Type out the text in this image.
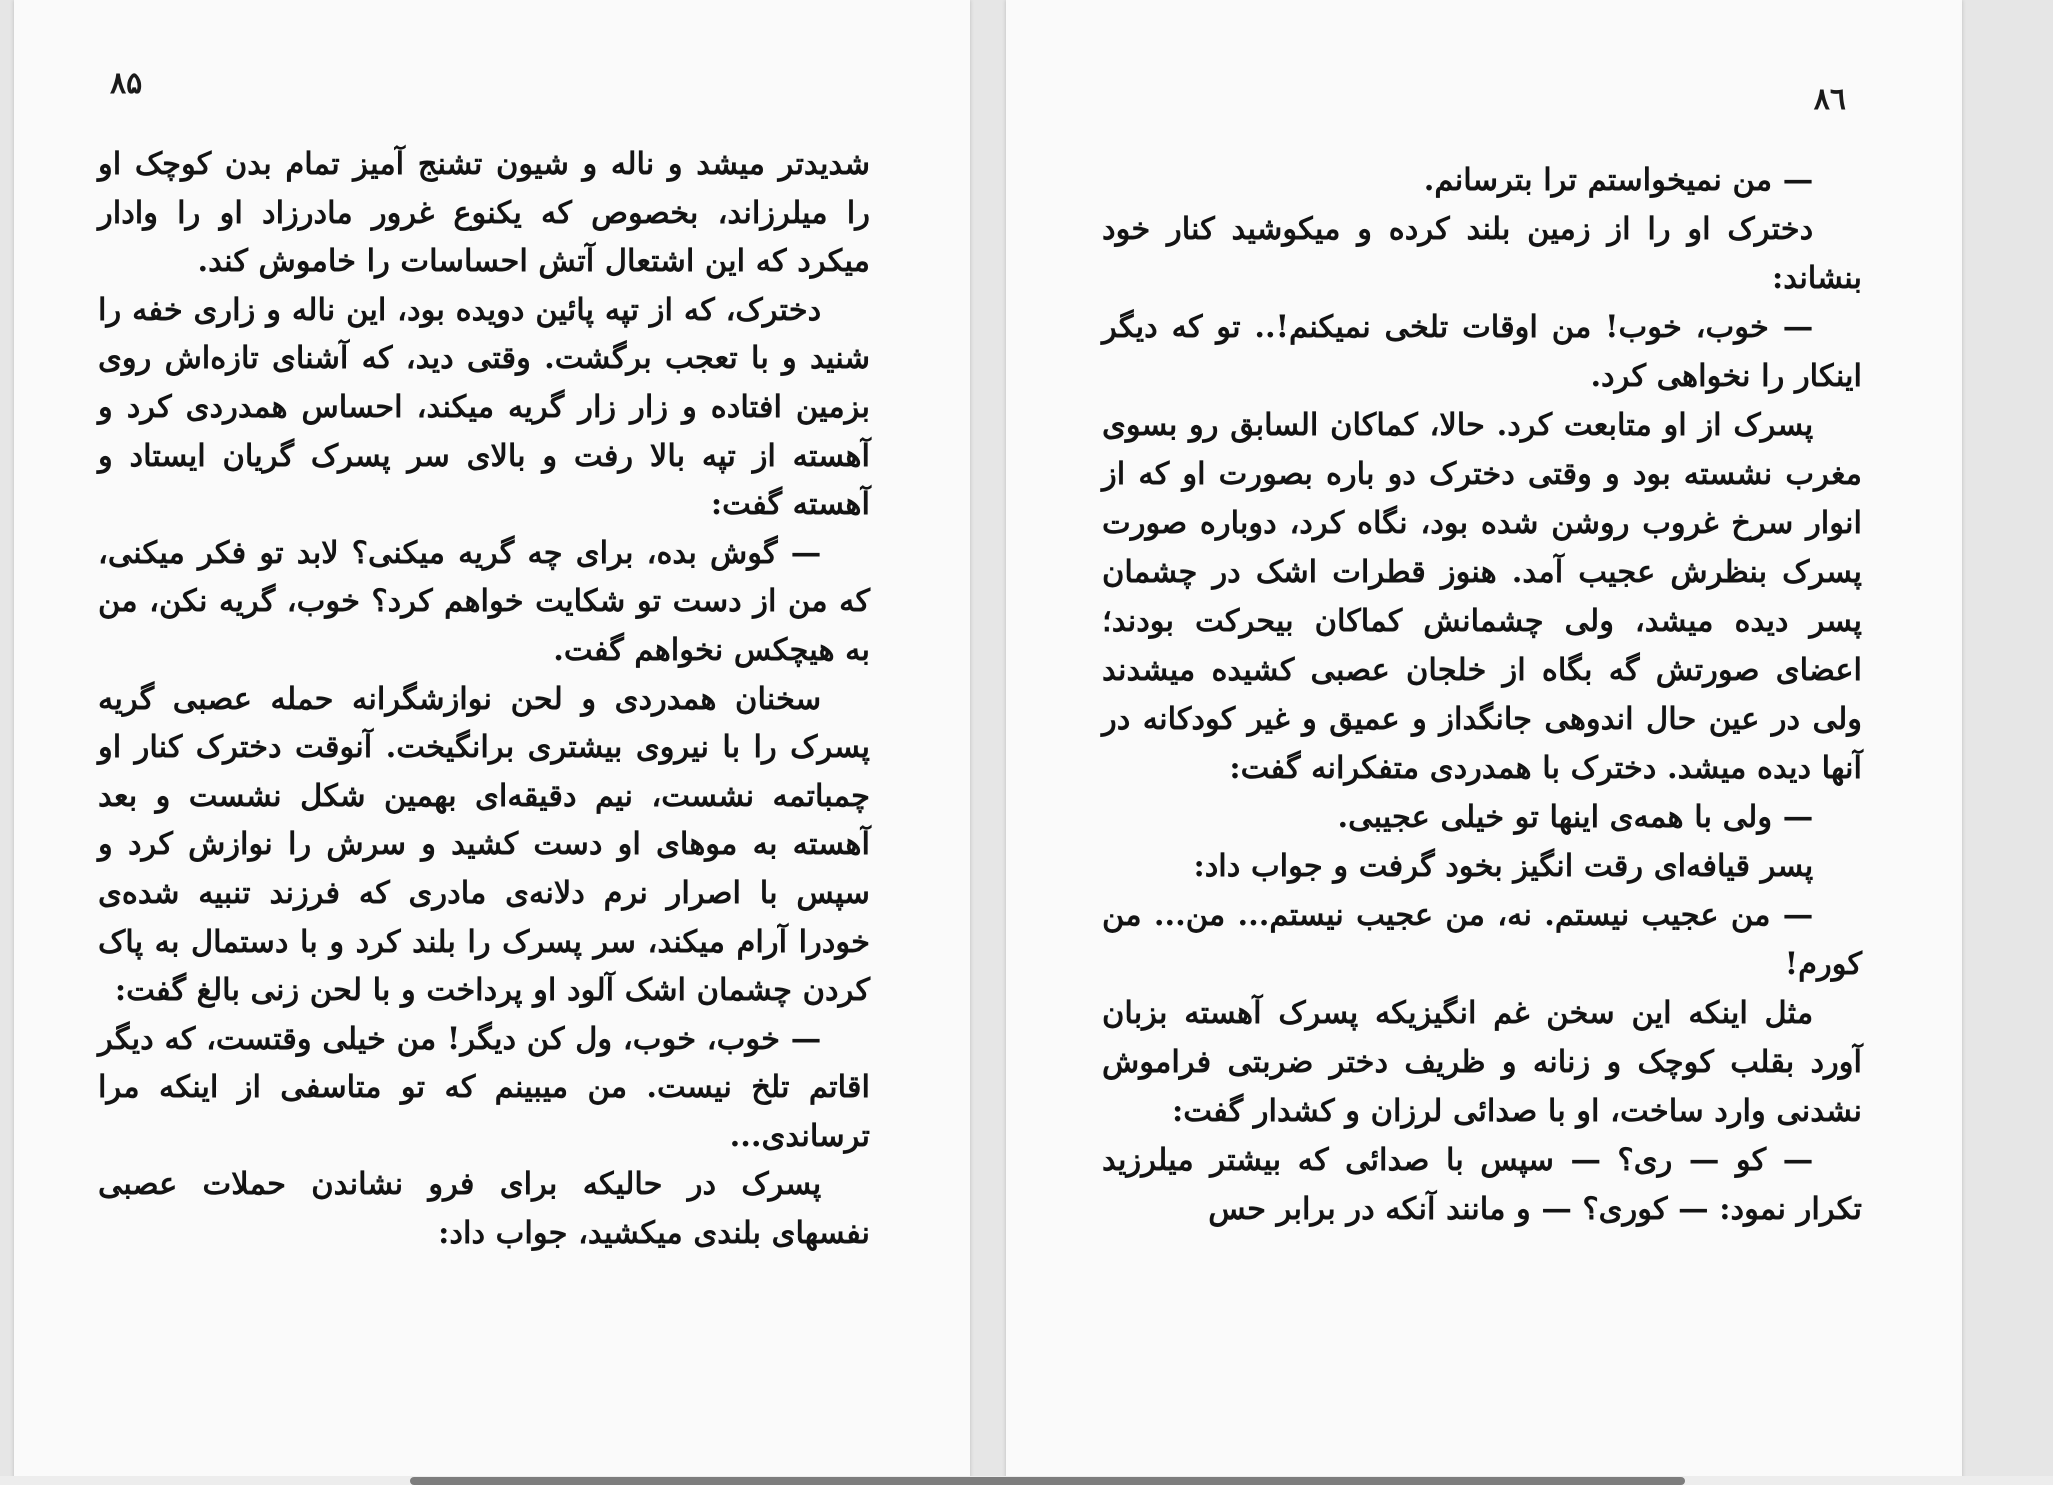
۸۵

شدیدتر میشد و ناله و شیون تشنج آمیز تمام بدن کوچک او را میلرزاند، بخصوص که یکنوع غرور مادرزاد او را وادار میکرد که این اشتعال آتش احساسات را خاموش کند.

دخترک، که از تپه پائین دویده بود، این ناله و زاری خفه را شنید و با تعجب برگشت. وقتی دید، که آشنای تازه‌اش روی بزمین افتاده و زار زار گریه میکند، احساس همدردی کرد و آهسته از تپه بالا رفت و بالای سر پسرک گریان ایستاد و آهسته گفت:

— گوش بده، برای چه گریه میکنی؟ لابد تو فکر میکنی، که من از دست تو شکایت خواهم کرد؟ خوب، گریه نکن، من به هیچکس نخواهم گفت.

سخنان همدردی و لحن نوازشگرانه حمله عصبی گریه پسرک را با نیروی بیشتری برانگیخت. آنوقت دخترک کنار او چمباتمه نشست، نیم دقیقه‌ای بهمین شکل نشست و بعد آهسته به موهای او دست کشید و سرش را نوازش کرد و سپس با اصرار نرم دلانه‌ی مادری که فرزند تنبیه شده‌ی خودرا آرام میکند، سر پسرک را بلند کرد و با دستمال به پاک کردن چشمان اشک آلود او پرداخت و با لحن زنی بالغ گفت:

— خوب، خوب، ول کن دیگر! من خیلی وقتست، که دیگر اقاتم تلخ نیست. من میبینم که تو متاسفی از اینکه مرا ترساندی...

پسرک در حالیکه برای فرو نشاندن حملات عصبی نفسهای بلندی میکشید، جواب داد:

۸٦

— من نمیخواستم ترا بترسانم.

دخترک او را از زمین بلند کرده و میکوشید کنار خود بنشاند:

— خوب، خوب! من اوقات تلخی نمیکنم!.. تو که دیگر اینکار را نخواهی کرد.

پسرک از او متابعت کرد. حالا، کماکان السابق رو بسوی مغرب نشسته بود و وقتی دخترک دو باره بصورت او که از انوار سرخ غروب روشن شده بود، نگاه کرد، دوباره صورت پسرک بنظرش عجیب آمد. هنوز قطرات اشک در چشمان پسر دیده میشد، ولی چشمانش کماکان بیحرکت بودند؛ اعضای صورتش گه بگاه از خلجان عصبی کشیده میشدند ولی در عین حال اندوهی جانگداز و عمیق و غیر کودکانه در آنها دیده میشد. دخترک با همدردی متفکرانه گفت:

— ولی با همه‌ی اینها تو خیلی عجیبی.

پسر قیافه‌ای رقت انگیز بخود گرفت و جواب داد:

— من عجیب نیستم. نه، من عجیب نیستم... من... من کورم!

مثل اینکه این سخن غم انگیزیکه پسرک آهسته بزبان آورد بقلب کوچک و زنانه و ظریف دختر ضربتی فراموش نشدنی وارد ساخت، او با صدائی لرزان و کشدار گفت:

— کو — ری؟ — سپس با صدائی که بیشتر میلرزید تکرار نمود: — کوری؟ — و مانند آنکه در برابر حس
